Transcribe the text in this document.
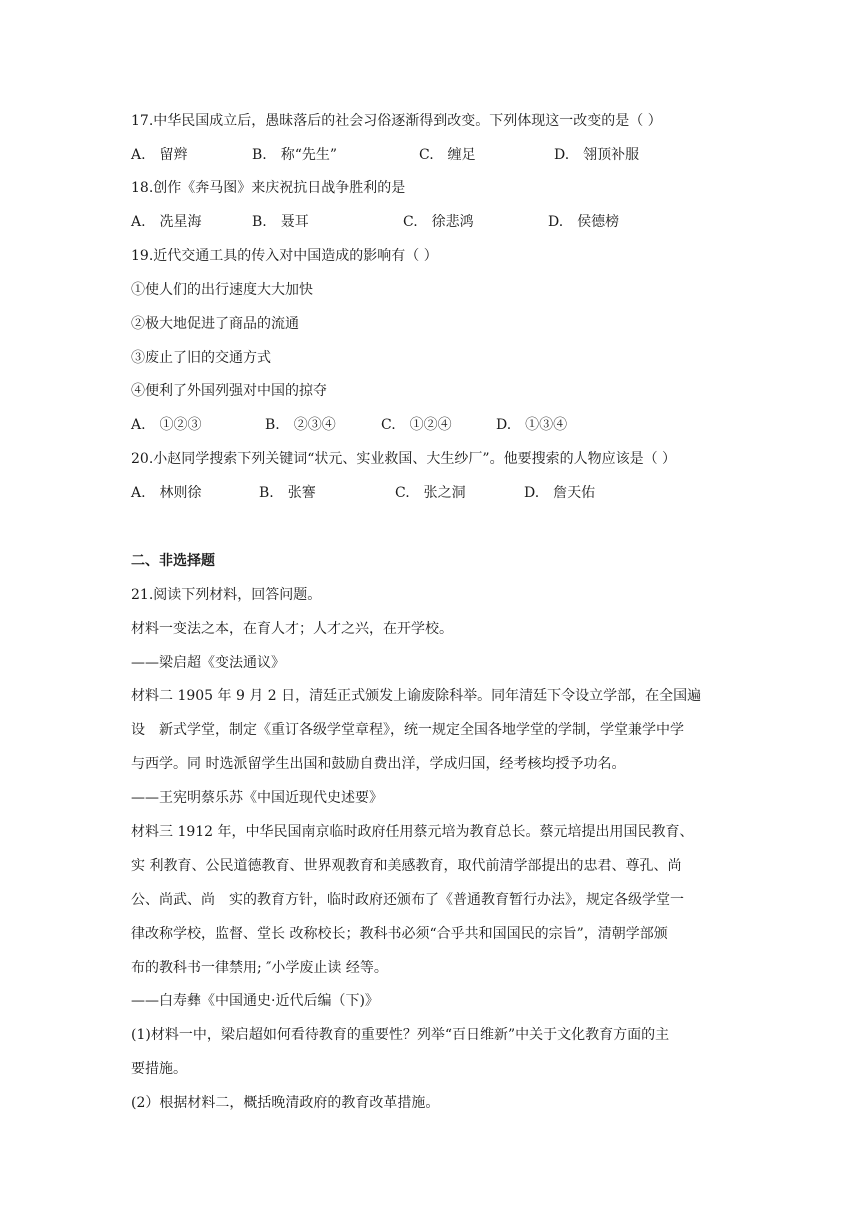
17.中华民国成立后，愚昧落后的社会习俗逐渐得到改变。下列体现这一改变的是（ ）
A.　留辫	B.　称“先生”	C.　缠足	D.　翎顶补服
18.创作《奔马图》来庆祝抗日战争胜利的是
A.　冼星海	B.　聂耳	C.　徐悲鸿	D.　侯德榜
19.近代交通工具的传入对中国造成的影响有（ ）
①使人们的出行速度大大加快
②极大地促进了商品的流通
③废止了旧的交通方式
④便利了外国列强对中国的掠夺
A.　①②③	B.　②③④	C.　①②④	D.　①③④
20.小赵同学搜索下列关键词“状元、实业救国、大生纱厂”。他要搜索的人物应该是（ ）
A.　林则徐	B.　张謇	C.　张之洞	D.　詹天佑
二、非选择题
21.阅读下列材料，回答问题。
材料一变法之本，在育人才；人才之兴，在开学校。
——梁启超《变法通议》
材料二 1905 年 9 月 2 日，清廷正式颁发上谕废除科举。同年清廷下令设立学部，在全国遍
设　新式学堂，制定《重订各级学堂章程》，统一规定全国各地学堂的学制，学堂兼学中学
与西学。同 时选派留学生出国和鼓励自费出洋，学成归国，经考核均授予功名。
——王宪明蔡乐苏《中国近现代史述要》
材料三 1912 年，中华民国南京临时政府任用蔡元培为教育总长。蔡元培提出用国民教育、
实 利教育、公民道德教育、世界观教育和美感教育，取代前清学部提出的忠君、尊孔、尚
公、尚武、尚　实的教育方针，临时政府还颁布了《普通教育暂行办法》，规定各级学堂一
律改称学校，监督、堂长 改称校长；教科书必须“合乎共和国国民的宗旨”，清朝学部颁
布的教科书一律禁用; ″小学废止读 经等。
——白寿彝《中国通史·近代后编（下)》
(1)材料一中，梁启超如何看待教育的重要性？列举“百日维新”中关于文化教育方面的主
要措施。
(2）根据材料二，概括晚清政府的教育改革措施。
